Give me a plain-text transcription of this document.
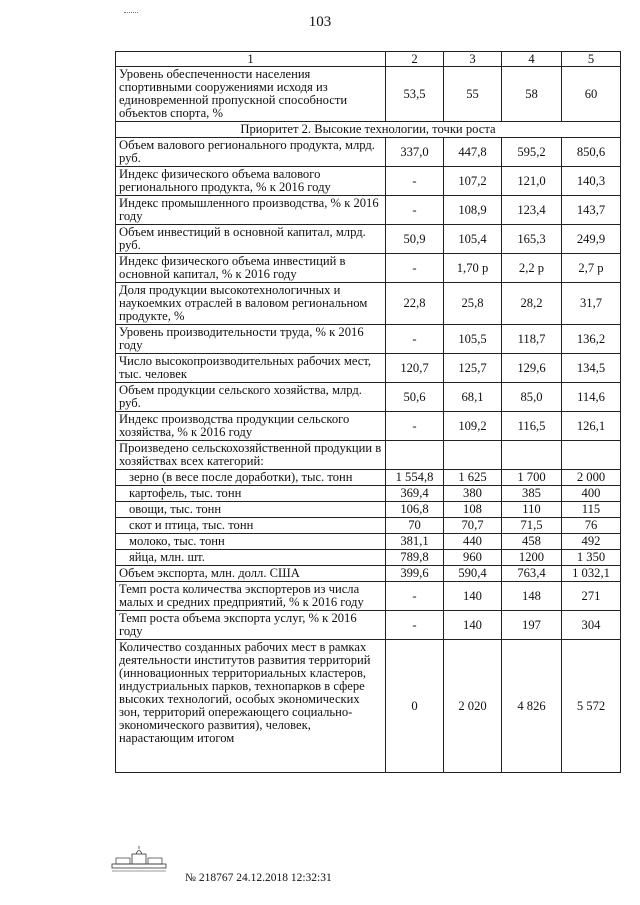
103
1	2	3	4	5
Уровень обеспеченности населения спортивными сооружениями исходя из единовременной пропускной способности объектов спорта, %	53,5	55	58	60
Приоритет 2. Высокие технологии, точки роста				
Объем валового регионального продукта, млрд. руб.	337,0	447,8	595,2	850,6
Индекс физического объема валового регионального продукта, % к 2016 году	-	107,2	121,0	140,3
Индекс промышленного производства, % к 2016 году	-	108,9	123,4	143,7
Объем инвестиций в основной капитал, млрд. руб.	50,9	105,4	165,3	249,9
Индекс физического объема инвестиций в основной капитал, % к 2016 году	-	1,70 р	2,2 р	2,7 р
Доля продукции высокотехнологичных и наукоемких отраслей в валовом региональном продукте, %	22,8	25,8	28,2	31,7
Уровень производительности труда, % к 2016 году	-	105,5	118,7	136,2
Число высокопроизводительных рабочих мест, тыс. человек	120,7	125,7	129,6	134,5
Объем продукции сельского хозяйства, млрд. руб.	50,6	68,1	85,0	114,6
Индекс производства продукции сельского хозяйства, % к 2016 году	-	109,2	116,5	126,1
Произведено сельскохозяйственной продукции в хозяйствах всех категорий:				
зерно (в весе после доработки), тыс. тонн	1 554,8	1 625	1 700	2 000
картофель, тыс. тонн	369,4	380	385	400
овощи, тыс. тонн	106,8	108	110	115
скот и птица, тыс. тонн	70	70,7	71,5	76
молоко, тыс. тонн	381,1	440	458	492
яйца, млн. шт.	789,8	960	1200	1 350
Объем экспорта, млн. долл. США	399,6	590,4	763,4	1 032,1
Темп роста количества экспортеров из числа малых и средних предприятий, % к 2016 году	-	140	148	271
Темп роста объема экспорта услуг, % к 2016 году	-	140	197	304
Количество созданных рабочих мест в рамках деятельности институтов развития территорий (инновационных территориальных кластеров, индустриальных парков, технопарков в сфере высоких технологий, особых экономических зон, территорий опережающего социально-экономического развития), человек, нарастающим итогом	0	2 020	4 826	5 572
№ 218767 24.12.2018 12:32:31
